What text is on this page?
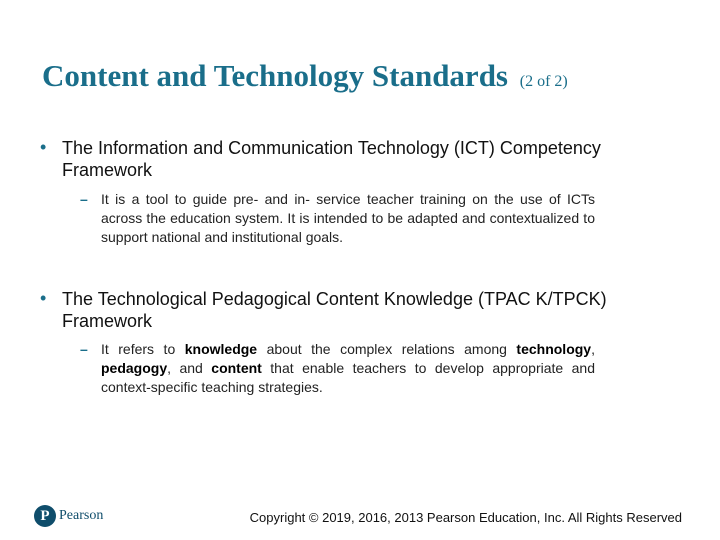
Content and Technology Standards (2 of 2)
• The Information and Communication Technology (ICT) Competency Framework
– It is a tool to guide pre- and in- service teacher training on the use of ICTs across the education system. It is intended to be adapted and contextualized to support national and institutional goals.
• The Technological Pedagogical Content Knowledge (TPAC K/TPCK) Framework
– It refers to knowledge about the complex relations among technology, pedagogy, and content that enable teachers to develop appropriate and context-specific teaching strategies.
P Pearson	Copyright © 2019, 2016, 2013 Pearson Education, Inc. All Rights Reserved
